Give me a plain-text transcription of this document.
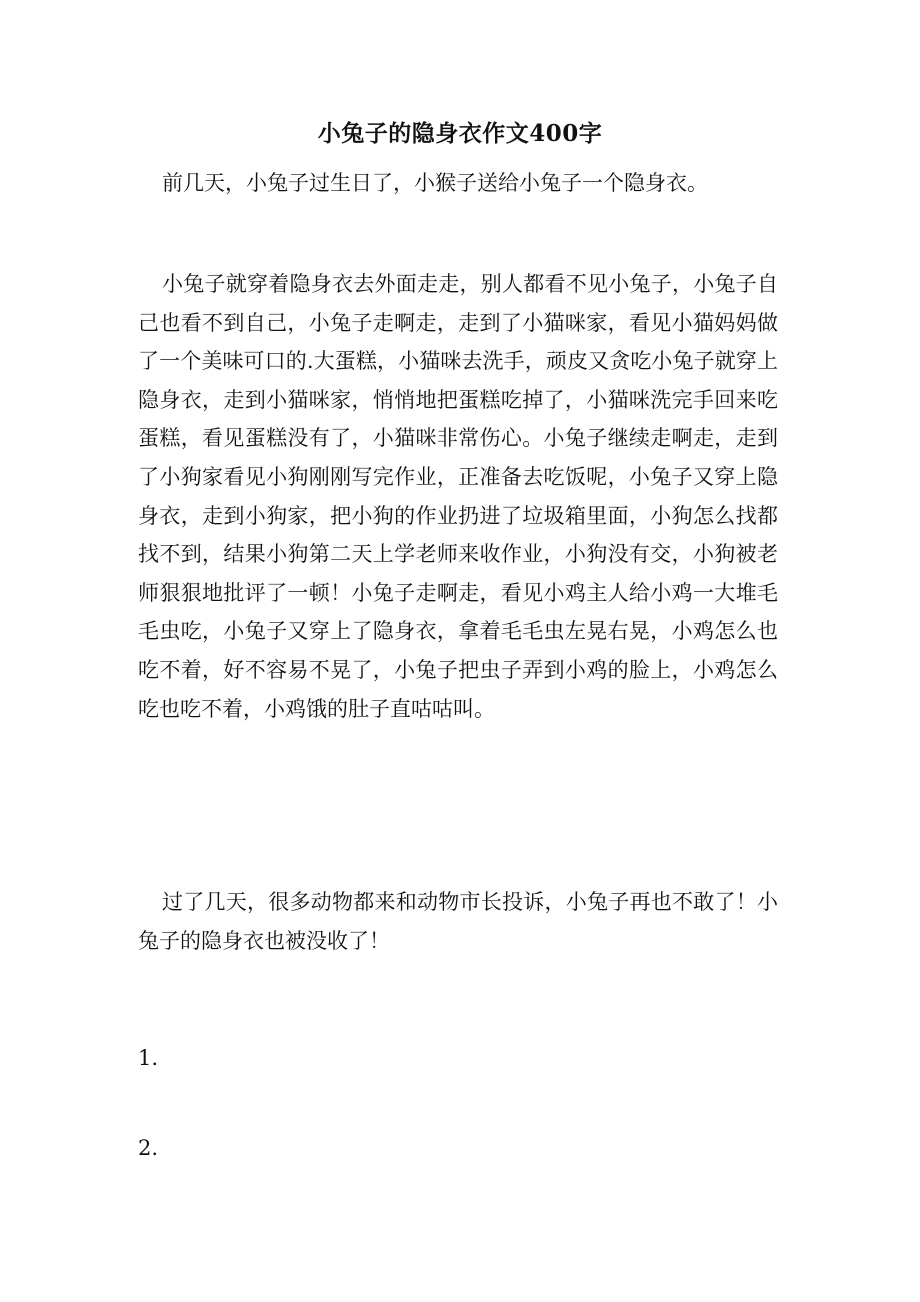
小兔子的隐身衣作文400字

前几天，小兔子过生日了，小猴子送给小兔子一个隐身衣。

小兔子就穿着隐身衣去外面走走，别人都看不见小兔子，小兔子自己也看不到自己，小兔子走啊走，走到了小猫咪家，看见小猫妈妈做了一个美味可口的.大蛋糕，小猫咪去洗手，顽皮又贪吃小兔子就穿上隐身衣，走到小猫咪家，悄悄地把蛋糕吃掉了，小猫咪洗完手回来吃蛋糕，看见蛋糕没有了，小猫咪非常伤心。小兔子继续走啊走，走到了小狗家看见小狗刚刚写完作业，正准备去吃饭呢，小兔子又穿上隐身衣，走到小狗家，把小狗的作业扔进了垃圾箱里面，小狗怎么找都找不到，结果小狗第二天上学老师来收作业，小狗没有交，小狗被老师狠狠地批评了一顿！小兔子走啊走，看见小鸡主人给小鸡一大堆毛毛虫吃，小兔子又穿上了隐身衣，拿着毛毛虫左晃右晃，小鸡怎么也吃不着，好不容易不晃了，小兔子把虫子弄到小鸡的脸上，小鸡怎么吃也吃不着，小鸡饿的肚子直咕咕叫。

过了几天，很多动物都来和动物市长投诉，小兔子再也不敢了！小兔子的隐身衣也被没收了！

1.
2.
